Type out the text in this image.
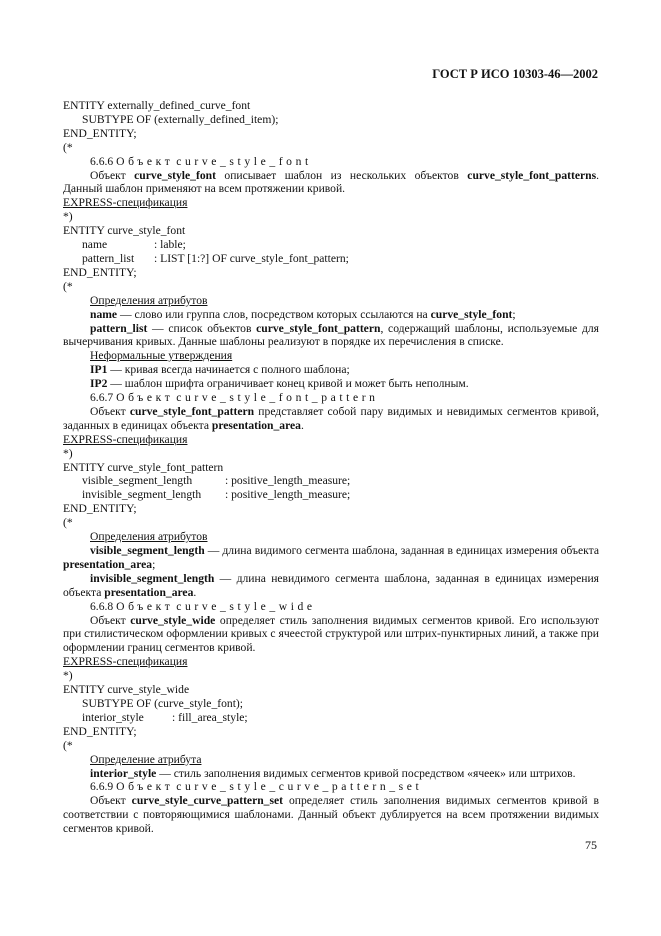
ГОСТ Р ИСО 10303-46—2002

ENTITY externally_defined_curve_font

SUBTYPE OF (externally_defined_item);

END_ENTITY;

(*

6.6.6 Объект curve_style_font

Объект curve_style_font описывает шаблон из нескольких объектов curve_style_font_patterns. Данный шаблон применяют на всем протяжении кривой.

EXPRESS-спецификация

*)

ENTITY curve_style_font

name	: lable;

pattern_list : LIST [1:?] OF curve_style_font_pattern;

END_ENTITY;

(*

Определения атрибутов

name — слово или группа слов, посредством которых ссылаются на curve_style_font;

pattern_list — список объектов curve_style_font_pattern, содержащий шаблоны, используемые для вычерчивания кривых. Данные шаблоны реализуют в порядке их перечисления в списке.

Неформальные утверждения

IP1 — кривая всегда начинается с полного шаблона;

IP2 — шаблон шрифта ограничивает конец кривой и может быть неполным.

6.6.7 Объект curve_style_font_pattern

Объект curve_style_font_pattern представляет собой пару видимых и невидимых сегментов кривой, заданных в единицах объекта presentation_area.

EXPRESS-спецификация

*)

ENTITY curve_style_font_pattern

visible_segment_length	: positive_length_measure;

invisible_segment_length : positive_length_measure;

END_ENTITY;

(*

Определения атрибутов

visible_segment_length — длина видимого сегмента шаблона, заданная в единицах измерения объекта presentation_area;

invisible_segment_length — длина невидимого сегмента шаблона, заданная в единицах измерения объекта presentation_area.

6.6.8 Объект curve_style_wide

Объект curve_style_wide определяет стиль заполнения видимых сегментов кривой. Его используют при стилистическом оформлении кривых с ячеестой структурой или штрих-пунктирных линий, а также при оформлении границ сегментов кривой.

EXPRESS-спецификация

*)

ENTITY curve_style_wide

SUBTYPE OF (curve_style_font);

interior_style : fill_area_style;

END_ENTITY;

(*

Определение атрибута

interior_style — стиль заполнения видимых сегментов кривой посредством «ячеек» или штрихов.

6.6.9 Объект curve_style_curve_pattern_set

Объект curve_style_curve_pattern_set определяет стиль заполнения видимых сегментов кривой в соответствии с повторяющимися шаблонами. Данный объект дублируется на всем протяжении видимых сегментов кривой.

75
